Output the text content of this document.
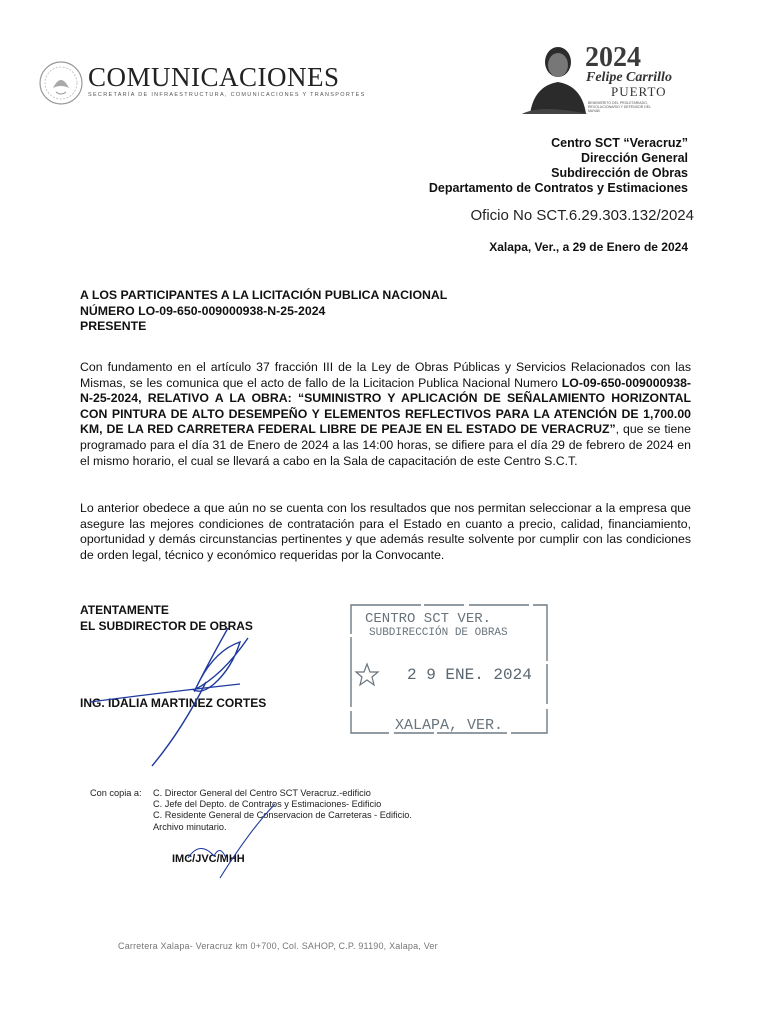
COMUNICACIONES
SECRETARÍA DE INFRAESTRUCTURA, COMUNICACIONES Y TRANSPORTES
2024
Felipe Carrillo
PUERTO
BENEMÉRITO DEL PROLETARIADO, REVOLUCIONARIO Y DEFENSOR DEL MAYAB
Centro SCT “Veracruz”
Dirección General
Subdirección de Obras
Departamento de Contratos y Estimaciones
Oficio No SCT.6.29.303.132/2024
Xalapa, Ver., a 29 de Enero de 2024
A LOS PARTICIPANTES A LA LICITACIÓN PUBLICA NACIONAL
NÚMERO LO-09-650-009000938-N-25-2024
PRESENTE
Con fundamento en el artículo 37 fracción III de la Ley de Obras Públicas y Servicios Relacionados con las Mismas, se les comunica que el acto de fallo de la Licitacion Publica Nacional Numero LO-09-650-009000938-N-25-2024, RELATIVO A LA OBRA: “SUMINISTRO Y APLICACIÓN DE SEÑALAMIENTO HORIZONTAL CON PINTURA DE ALTO DESEMPEÑO Y ELEMENTOS REFLECTIVOS PARA LA ATENCIÓN DE 1,700.00 KM, DE LA RED CARRETERA FEDERAL LIBRE DE PEAJE EN EL ESTADO DE VERACRUZ”, que se tiene programado para el día 31 de Enero de 2024 a las 14:00 horas, se difiere para el día 29 de febrero de 2024 en el mismo horario, el cual se llevará a cabo en la Sala de capacitación de este Centro S.C.T.
Lo anterior obedece a que aún no se cuenta con los resultados que nos permitan seleccionar a la empresa que asegure las mejores condiciones de contratación para el Estado en cuanto a precio, calidad, financiamiento, oportunidad y demás circunstancias pertinentes y que además resulte solvente por cumplir con las condiciones de orden legal, técnico y económico requeridas por la Convocante.
ATENTAMENTE
EL SUBDIRECTOR DE OBRAS
ING. IDALIA MARTINEZ CORTES
CENTRO SCT VER.
SUBDIRECCIÓN DE OBRAS
2 9 ENE. 2024
XALAPA, VER.
Con copia a: C. Director General del Centro SCT Veracruz.-edificio
C. Jefe del Depto. de Contratos y Estimaciones- Edificio
C. Residente General de Conservacion de Carreteras - Edificio.
Archivo minutario.
IMC/JVC/MHH
Carretera Xalapa- Veracruz km 0+700, Col. SAHOP, C.P. 91190, Xalapa, Ver
